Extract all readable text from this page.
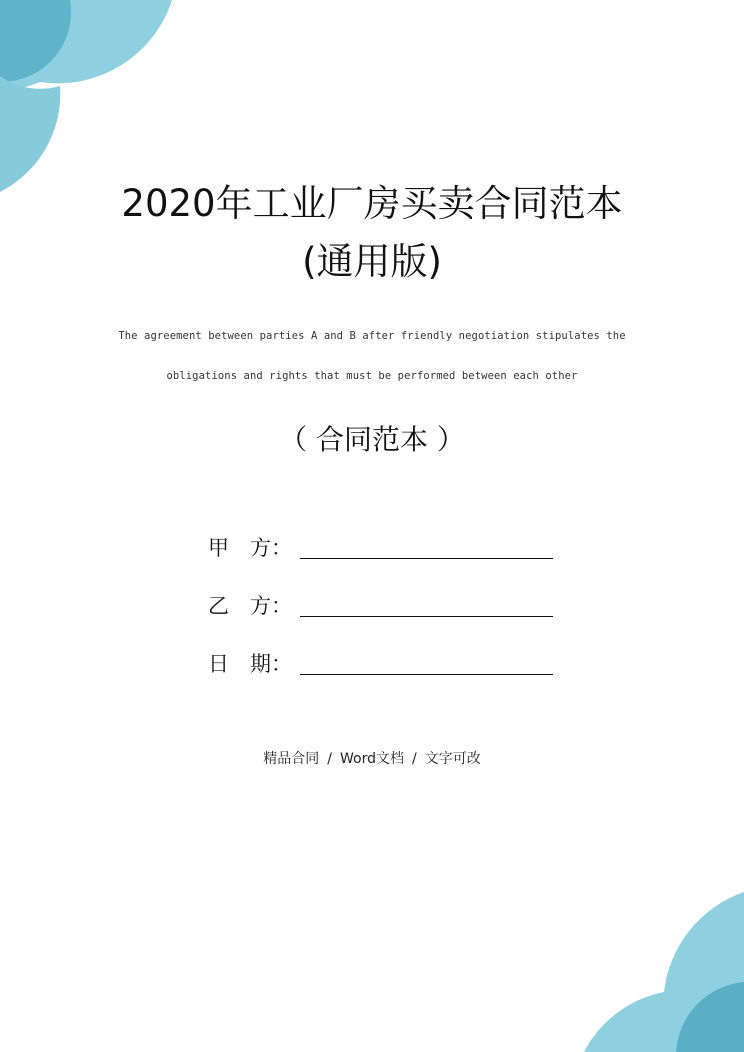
2020年工业厂房买卖合同范本
(通用版)
The agreement between parties A and B after friendly negotiation stipulates the
obligations and rights that must be performed between each other
（ 合同范本 ）
甲　方：
乙　方：
日　期：
精品合同 / Word文档 / 文字可改
